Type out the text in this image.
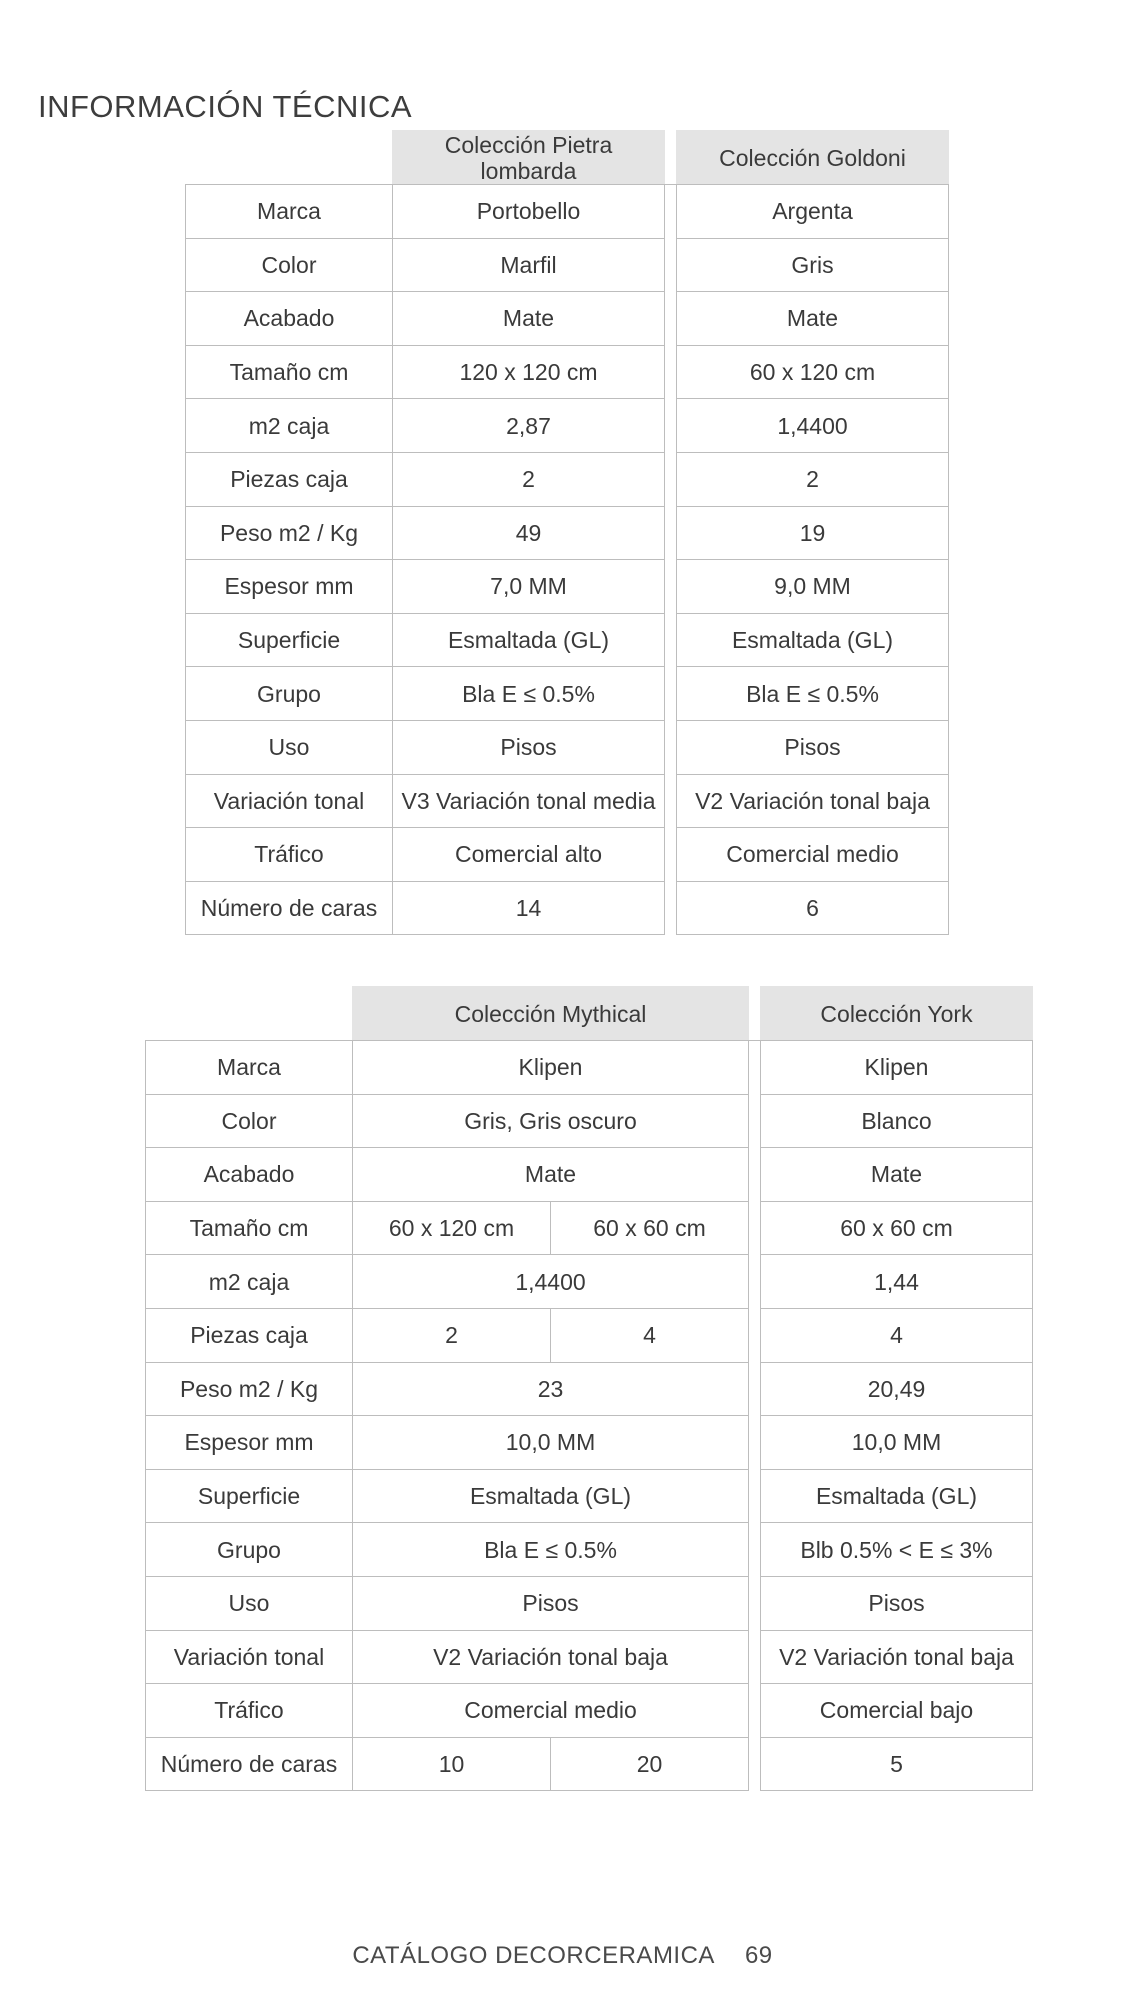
INFORMACIÓN TÉCNICA
	Colección Pietra lombarda		Colección Goldoni
Marca	Portobello		Argenta
Color	Marfil		Gris
Acabado	Mate		Mate
Tamaño cm	120 x 120 cm		60 x 120 cm
m2 caja	2,87		1,4400
Piezas caja	2		2
Peso m2 / Kg	49		19
Espesor mm	7,0 MM		9,0 MM
Superficie	Esmaltada (GL)		Esmaltada (GL)
Grupo	Bla E ≤ 0.5%		Bla E ≤ 0.5%
Uso	Pisos		Pisos
Variación tonal	V3 Variación tonal media		V2 Variación tonal baja
Tráfico	Comercial alto		Comercial medio
Número de caras	14		6
	Colección Mythical			Colección York
Marca	Klipen			Klipen
Color	Gris, Gris oscuro			Blanco
Acabado	Mate			Mate
Tamaño cm	60 x 120 cm	60 x 60 cm		60 x 60 cm
m2 caja	1,4400			1,44
Piezas caja	2	4		4
Peso m2 / Kg	23			20,49
Espesor mm	10,0 MM			10,0 MM
Superficie	Esmaltada (GL)			Esmaltada (GL)
Grupo	Bla E ≤ 0.5%			Blb 0.5% < E ≤ 3%
Uso	Pisos			Pisos
Variación tonal	V2 Variación tonal baja			V2 Variación tonal baja
Tráfico	Comercial medio			Comercial bajo
Número de caras	10	20		5
CATÁLOGO DECORCERAMICA 69
